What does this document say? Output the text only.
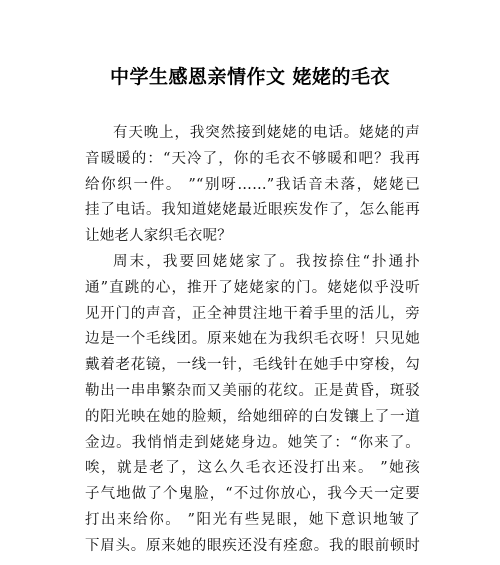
中学生感恩亲情作文 姥姥的毛衣
有天晚上，我突然接到姥姥的电话。姥姥的声
音暖暖的：“天冷了，你的毛衣不够暖和吧？我再
给你织一件。 ”“别呀……”我话音未落，姥姥已
挂了电话。我知道姥姥最近眼疾发作了，怎么能再
让她老人家织毛衣呢？
周末，我要回姥姥家了。我按捺住“扑通扑
通”直跳的心，推开了姥姥家的门。姥姥似乎没听
见开门的声音，正全神贯注地干着手里的活儿，旁
边是一个毛线团。原来她在为我织毛衣呀！只见她
戴着老花镜，一线一针，毛线针在她手中穿梭，勾
勒出一串串繁杂而又美丽的花纹。正是黄昏，斑驳
的阳光映在她的脸颊，给她细碎的白发镶上了一道
金边。我悄悄走到姥姥身边。她笑了：“你来了。
唉，就是老了，这么久毛衣还没打出来。 ”她孩
子气地做了个鬼脸，“不过你放心，我今天一定要
打出来给你。 ”阳光有些晃眼，她下意识地皱了
下眉头。原来她的眼疾还没有痊愈。我的眼前顿时
